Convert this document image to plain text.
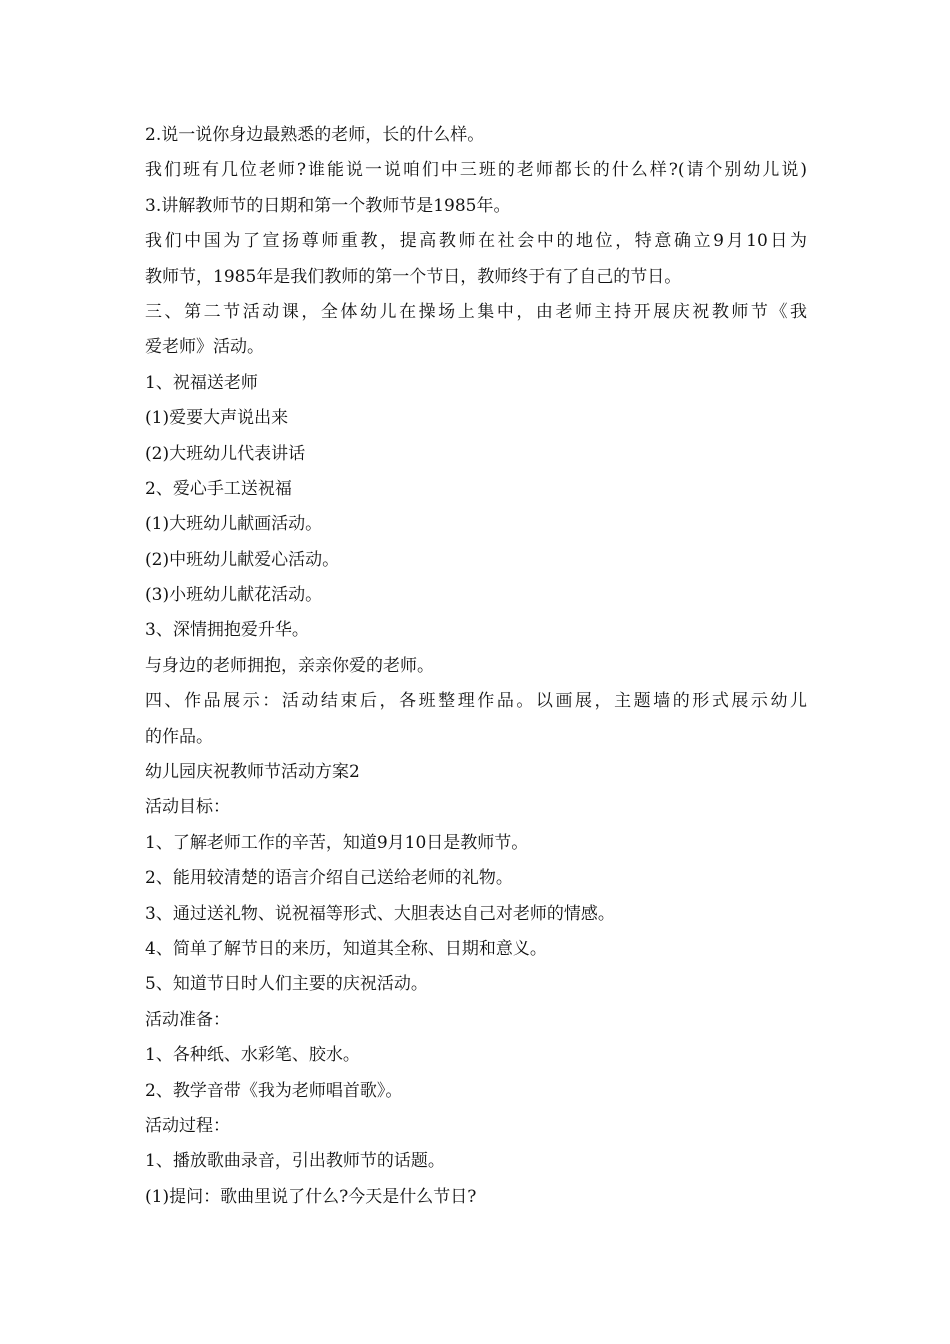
2.说一说你身边最熟悉的老师，长的什么样。
我们班有几位老师?谁能说一说咱们中三班的老师都长的什么样?(请个别幼儿说)
3.讲解教师节的日期和第一个教师节是1985年。
我们中国为了宣扬尊师重教，提高教师在社会中的地位，特意确立9月10日为
教师节，1985年是我们教师的第一个节日，教师终于有了自己的节日。
三、第二节活动课，全体幼儿在操场上集中，由老师主持开展庆祝教师节《我
爱老师》活动。
1、祝福送老师
(1)爱要大声说出来
(2)大班幼儿代表讲话
2、爱心手工送祝福
(1)大班幼儿献画活动。
(2)中班幼儿献爱心活动。
(3)小班幼儿献花活动。
3、深情拥抱爱升华。
与身边的老师拥抱，亲亲你爱的老师。
四、作品展示：活动结束后，各班整理作品。以画展，主题墙的形式展示幼儿
的作品。
幼儿园庆祝教师节活动方案2
活动目标：
1、了解老师工作的辛苦，知道9月10日是教师节。
2、能用较清楚的语言介绍自己送给老师的礼物。
3、通过送礼物、说祝福等形式、大胆表达自己对老师的情感。
4、简单了解节日的来历，知道其全称、日期和意义。
5、知道节日时人们主要的庆祝活动。
活动准备：
1、各种纸、水彩笔、胶水。
2、教学音带《我为老师唱首歌》。
活动过程：
1、播放歌曲录音，引出教师节的话题。
(1)提问：歌曲里说了什么?今天是什么节日?
